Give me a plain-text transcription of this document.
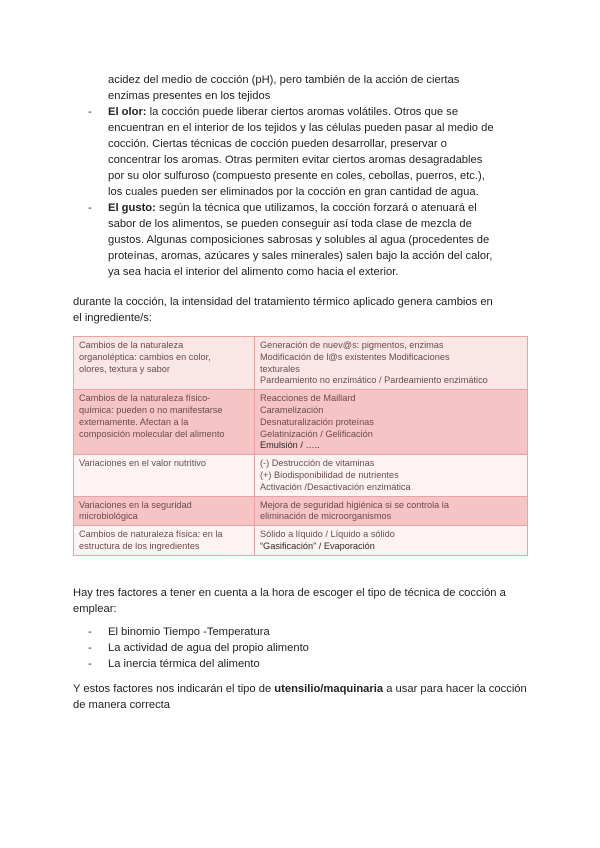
acidez del medio de cocción (pH), pero también de la acción de ciertas

enzimas presentes en los tejidos

- El olor: la cocción puede liberar ciertos aromas volátiles. Otros que se
encuentran en el interior de los tejidos y las células pueden pasar al medio de
cocción. Ciertas técnicas de cocción pueden desarrollar, preservar o
concentrar los aromas. Otras permiten evitar ciertos aromas desagradables
por su olor sulfuroso (compuesto presente en coles, cebollas, puerros, etc.),
los cuales pueden ser eliminados por la cocción en gran cantidad de agua.
- El gusto: según la técnica que utilizamos, la cocción forzará o atenuará el
sabor de los alimentos, se pueden conseguir así toda clase de mezcla de
gustos. Algunas composiciones sabrosas y solubles al agua (procedentes de
proteínas, aromas, azúcares y sales minerales) salen bajo la acción del calor,
ya sea hacia el interior del alimento como hacia el exterior.

durante la cocción, la intensidad del tratamiento térmico aplicado genera cambios en

el ingrediente/s:

Cambios de la naturaleza
organoléptica: cambios en color,
olores, textura y sabor	Generación de nuev@s: pigmentos, enzimas
Modificación de l@s existentes Modificaciones
texturales
Pardeamiento no enzimático / Pardeamiento enzimático

Cambios de la naturaleza físico-
química: pueden o no manifestarse
externamente. Afectan a la
composición molecular del alimento	Reacciones de Maillard
Caramelización
Desnaturalización proteínas
Gelatinización / Gelificación
Emulsión / …..

Variaciones en el valor nutritivo	(-) Destrucción de vitaminas
(+) Biodisponibilidad de nutrientes
Activación /Desactivación enzimática

Variaciones en la seguridad
microbiológica	Mejora de seguridad higiénica si se controla la
eliminación de microorganismos

Cambios de naturaleza física: en la
estructura de los ingredientes	Sólido a líquido / Líquido a sólido
“Gasificación” / Evaporación

Hay tres factores a tener en cuenta a la hora de escoger el tipo de técnica de cocción a

emplear:

- El binomio Tiempo -Temperatura
- La actividad de agua del propio alimento
- La inercia térmica del alimento

Y estos factores nos indicarán el tipo de utensilio/maquinaria a usar para hacer la cocción

de manera correcta
